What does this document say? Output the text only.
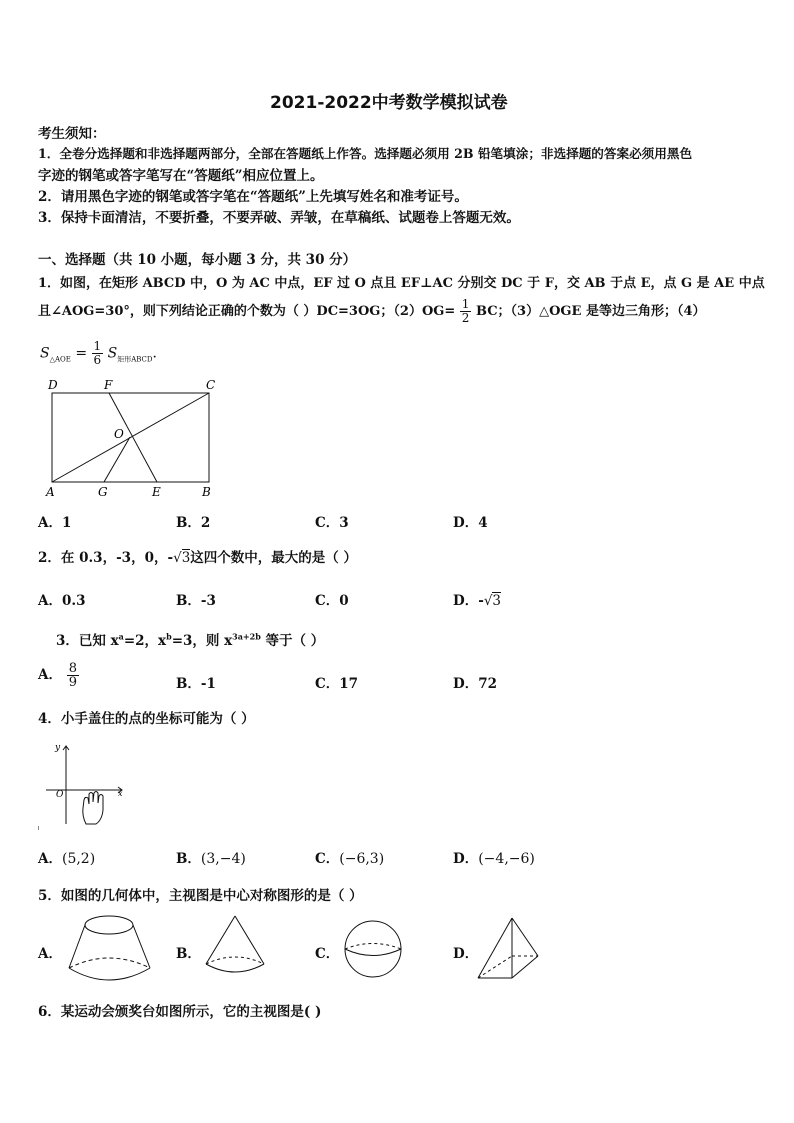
2021-2022中考数学模拟试卷
考生须知：
1．全卷分选择题和非选择题两部分，全部在答题纸上作答。选择题必须用 2B 铅笔填涂；非选择题的答案必须用黑色
字迹的钢笔或答字笔写在“答题纸”相应位置上。
2．请用黑色字迹的钢笔或答字笔在“答题纸”上先填写姓名和准考证号。
3．保持卡面清洁，不要折叠，不要弄破、弄皱，在草稿纸、试题卷上答题无效。
一、选择题（共 10 小题，每小题 3 分，共 30 分）
1．如图，在矩形 ABCD 中，O 为 AC 中点，EF 过 O 点且 EF⊥AC 分别交 DC 于 F，交 AB 于点 E，点 G 是 AE 中点
且∠AOG=30°，则下列结论正确的个数为（ ）DC=3OG；$(2)OG= \frac{1}{2}$ BC；（3）△OGE 是等边三角形；（4）
$S_{\triangle AOE} = \frac{1}{6} S_{矩形ABCD}$．
D	F	C
O
A	G	E	B
A．1	B．2	C．3	D．4
2．在 0.3，-3，0，-√3这四个数中，最大的是（ ）
A．0.3	B．-3	C．0	D．-√3
3．已知 $x^a=2$，$x^b=3$，则 $x^{3a+2b}$ 等于（ ）
A． $\frac{8}{9}$	B．-1	C．17	D．72
4．小手盖住的点的坐标可能为（ ）
y
x
O
A．(5,2)	B．(3,−4)	C．(−6,3)	D．(−4,−6)
5．如图的几何体中，主视图是中心对称图形的是（ ）
A．	B．	C．	D．
6．某运动会颁奖台如图所示，它的主视图是( )
